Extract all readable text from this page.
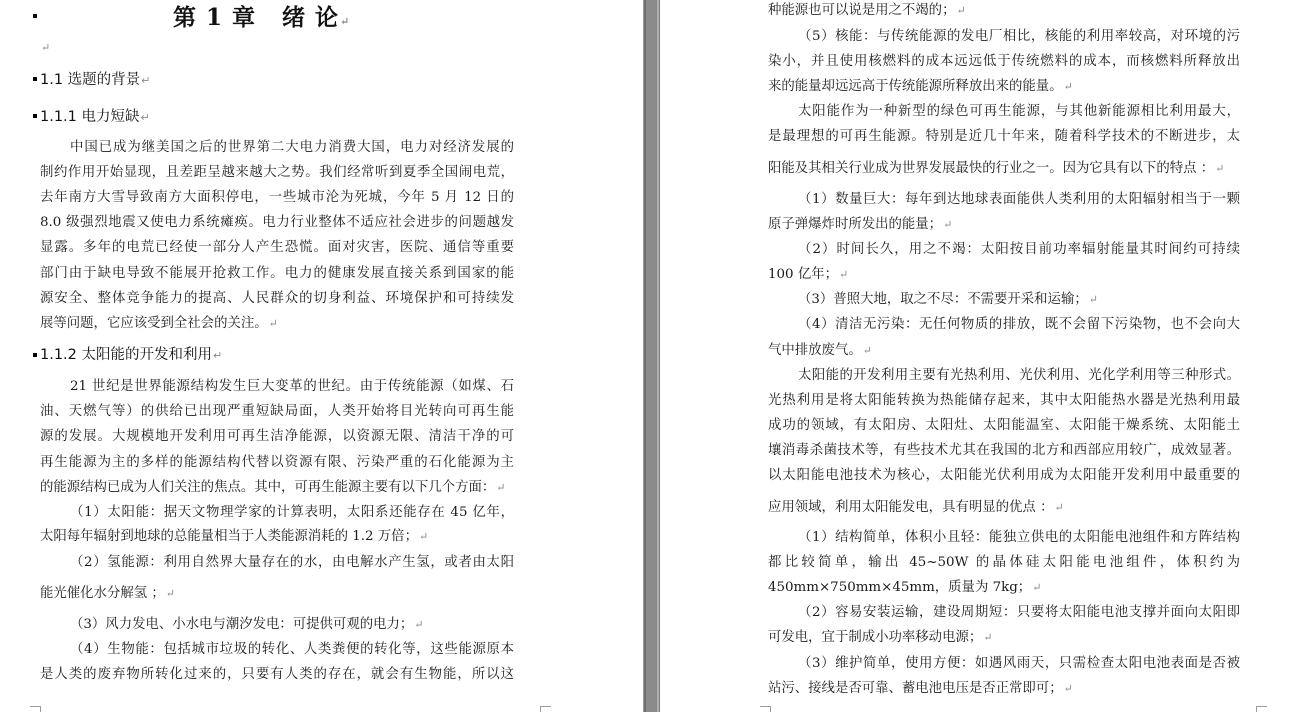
第 1 章 绪 论↵
↵
1.1 选题的背景↵
1.1.1 电力短缺↵
中国已成为继美国之后的世界第二大电力消费大国，电力对经济发展的
制约作用开始显现，且差距呈越来越大之势。我们经常听到夏季全国闹电荒，
去年南方大雪导致南方大面积停电，一些城市沦为死城，今年 5 月 12 日的
8.0 级强烈地震又使电力系统瘫痪。电力行业整体不适应社会进步的问题越发
显露。多年的电荒已经使一部分人产生恐慌。面对灾害，医院、通信等重要
部门由于缺电导致不能展开抢救工作。电力的健康发展直接关系到国家的能
源安全、整体竞争能力的提高、人民群众的切身利益、环境保护和可持续发
展等问题，它应该受到全社会的关注。↵
1.1.2 太阳能的开发和利用↵
21 世纪是世界能源结构发生巨大变革的世纪。由于传统能源（如煤、石
油、天燃气等）的供给已出现严重短缺局面，人类开始将目光转向可再生能
源的发展。大规模地开发利用可再生洁净能源，以资源无限、清洁干净的可
再生能源为主的多样的能源结构代替以资源有限、污染严重的石化能源为主
的能源结构已成为人们关注的焦点。其中，可再生能源主要有以下几个方面：↵
（1）太阳能：据天文物理学家的计算表明，太阳系还能存在 45 亿年，
太阳每年辐射到地球的总能量相当于人类能源消耗的 1.2 万倍；↵
（2）氢能源：利用自然界大量存在的水，由电解水产生氢，或者由太阳
能光催化水分解氢 ；↵
（3）风力发电、小水电与潮汐发电：可提供可观的电力；↵
（4）生物能：包括城市垃圾的转化、人类粪便的转化等，这些能源原本
是人类的废弃物所转化过来的，只要有人类的存在，就会有生物能，所以这
种能源也可以说是用之不竭的；↵
（5）核能：与传统能源的发电厂相比，核能的利用率较高，对环境的污
染小，并且使用核燃料的成本远远低于传统燃料的成本，而核燃料所释放出
来的能量却远远高于传统能源所释放出来的能量。↵
太阳能作为一种新型的绿色可再生能源，与其他新能源相比利用最大，
是最理想的可再生能源。特别是近几十年来，随着科学技术的不断进步，太
阳能及其相关行业成为世界发展最快的行业之一。因为它具有以下的特点 ：↵
（1）数量巨大：每年到达地球表面能供人类利用的太阳辐射相当于一颗
原子弹爆炸时所发出的能量；↵
（2）时间长久，用之不竭：太阳按目前功率辐射能量其时间约可持续
100 亿年；↵
（3）普照大地，取之不尽：不需要开采和运输；↵
（4）清洁无污染：无任何物质的排放，既不会留下污染物，也不会向大
气中排放废气。↵
太阳能的开发利用主要有光热利用、光伏利用、光化学利用等三种形式。
光热利用是将太阳能转换为热能储存起来，其中太阳能热水器是光热利用最
成功的领域，有太阳房、太阳灶、太阳能温室、太阳能干燥系统、太阳能土
壤消毒杀菌技术等，有些技术尤其在我国的北方和西部应用较广，成效显著。
以太阳能电池技术为核心，太阳能光伏利用成为太阳能开发利用中最重要的
应用领域，利用太阳能发电，具有明显的优点 ：↵
（1）结构简单，体积小且轻：能独立供电的太阳能电池组件和方阵结构
都比较简单，输出 45~50W 的晶体硅太阳能电池组件，体积约为
450mm×750mm×45mm，质量为 7kg；↵
（2）容易安装运输，建设周期短：只要将太阳能电池支撑并面向太阳即
可发电，宜于制成小功率移动电源；↵
（3）维护简单，使用方便：如遇风雨天，只需检查太阳电池表面是否被
站污、接线是否可靠、蓄电池电压是否正常即可；↵
